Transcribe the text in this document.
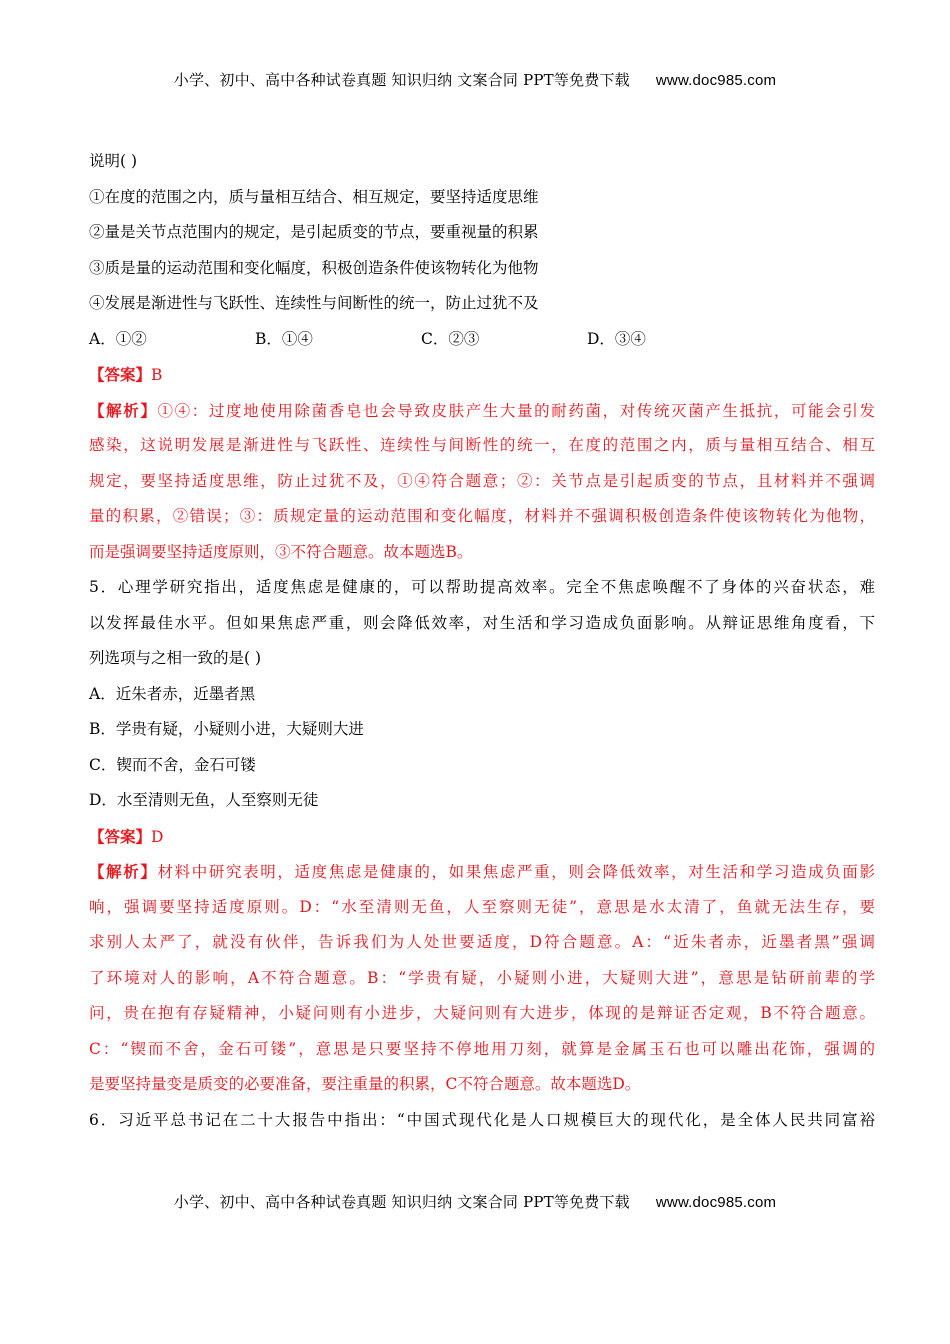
小学、初中、高中各种试卷真题 知识归纳 文案合同 PPT等免费下载 www.doc985.com
说明( )
①在度的范围之内，质与量相互结合、相互规定，要坚持适度思维
②量是关节点范围内的规定，是引起质变的节点，要重视量的积累
③质是量的运动范围和变化幅度，积极创造条件使该物转化为他物
④发展是渐进性与飞跃性、连续性与间断性的统一，防止过犹不及
A．①②	B．①④	C．②③	D．③④
【答案】B
【解析】①④：过度地使用除菌香皂也会导致皮肤产生大量的耐药菌，对传统灭菌产生抵抗，可能会引发
感染，这说明发展是渐进性与飞跃性、连续性与间断性的统一，在度的范围之内，质与量相互结合、相互
规定，要坚持适度思维，防止过犹不及，①④符合题意；②：关节点是引起质变的节点，且材料并不强调
量的积累，②错误；③：质规定量的运动范围和变化幅度，材料并不强调积极创造条件使该物转化为他物，
而是强调要坚持适度原则，③不符合题意。故本题选B。
5．心理学研究指出，适度焦虑是健康的，可以帮助提高效率。完全不焦虑唤醒不了身体的兴奋状态，难
以发挥最佳水平。但如果焦虑严重，则会降低效率，对生活和学习造成负面影响。从辩证思维角度看，下
列选项与之相一致的是( )
A．近朱者赤，近墨者黑
B．学贵有疑，小疑则小进，大疑则大进
C．锲而不舍，金石可镂
D．水至清则无鱼，人至察则无徒
【答案】D
【解析】材料中研究表明，适度焦虑是健康的，如果焦虑严重，则会降低效率，对生活和学习造成负面影
响，强调要坚持适度原则。D：“水至清则无鱼，人至察则无徒”，意思是水太清了，鱼就无法生存，要
求别人太严了，就没有伙伴，告诉我们为人处世要适度，D符合题意。A：“近朱者赤，近墨者黑”强调
了环境对人的影响，A不符合题意。B：“学贵有疑，小疑则小进，大疑则大进”，意思是钻研前辈的学
问，贵在抱有存疑精神，小疑问则有小进步，大疑问则有大进步，体现的是辩证否定观，B不符合题意。
C：“锲而不舍，金石可镂”，意思是只要坚持不停地用刀刻，就算是金属玉石也可以雕出花饰，强调的
是要坚持量变是质变的必要准备，要注重量的积累，C不符合题意。故本题选D。
6．习近平总书记在二十大报告中指出：“中国式现代化是人口规模巨大的现代化，是全体人民共同富裕
小学、初中、高中各种试卷真题 知识归纳 文案合同 PPT等免费下载 www.doc985.com
